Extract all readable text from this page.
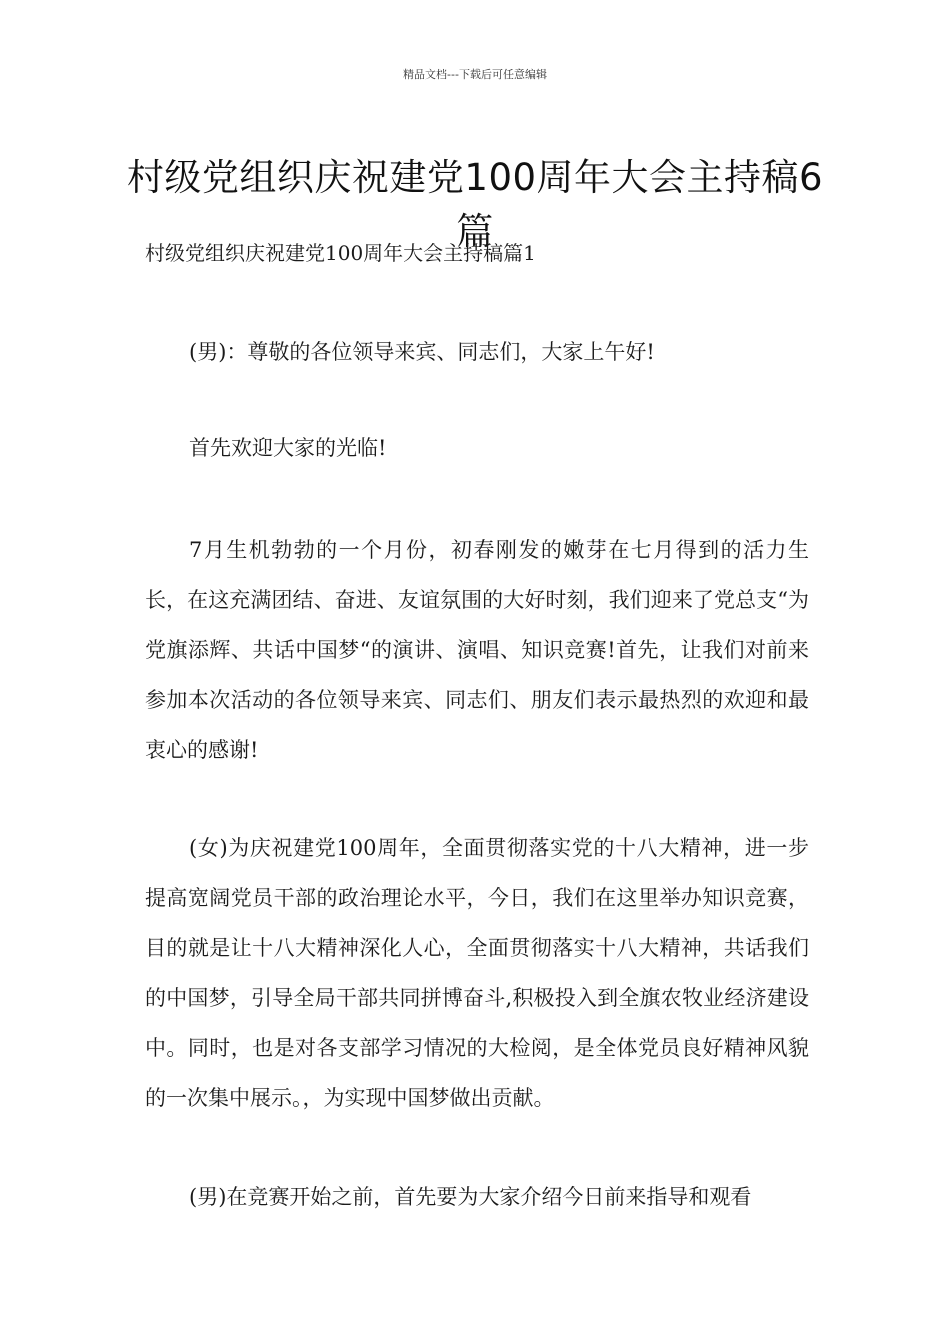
精品文档---下载后可任意编辑
村级党组织庆祝建党100周年大会主持稿6篇
村级党组织庆祝建党100周年大会主持稿篇1

(男)：尊敬的各位领导来宾、同志们，大家上午好!

首先欢迎大家的光临!

7月生机勃勃的一个月份，初春刚发的嫩芽在七月得到的活力生长，在这充满团结、奋进、友谊氛围的大好时刻，我们迎来了党总支“为党旗添辉、共话中国梦“的演讲、演唱、知识竞赛!首先，让我们对前来参加本次活动的各位领导来宾、同志们、朋友们表示最热烈的欢迎和最衷心的感谢!

(女)为庆祝建党100周年，全面贯彻落实党的十八大精神，进一步提高宽阔党员干部的政治理论水平，今日，我们在这里举办知识竞赛，目的就是让十八大精神深化人心，全面贯彻落实十八大精神，共话我们的中国梦，引导全局干部共同拼博奋斗,积极投入到全旗农牧业经济建设中。同时，也是对各支部学习情况的大检阅，是全体党员良好精神风貌的一次集中展示。，为实现中国梦做出贡献。

(男)在竞赛开始之前，首先要为大家介绍今日前来指导和观看
